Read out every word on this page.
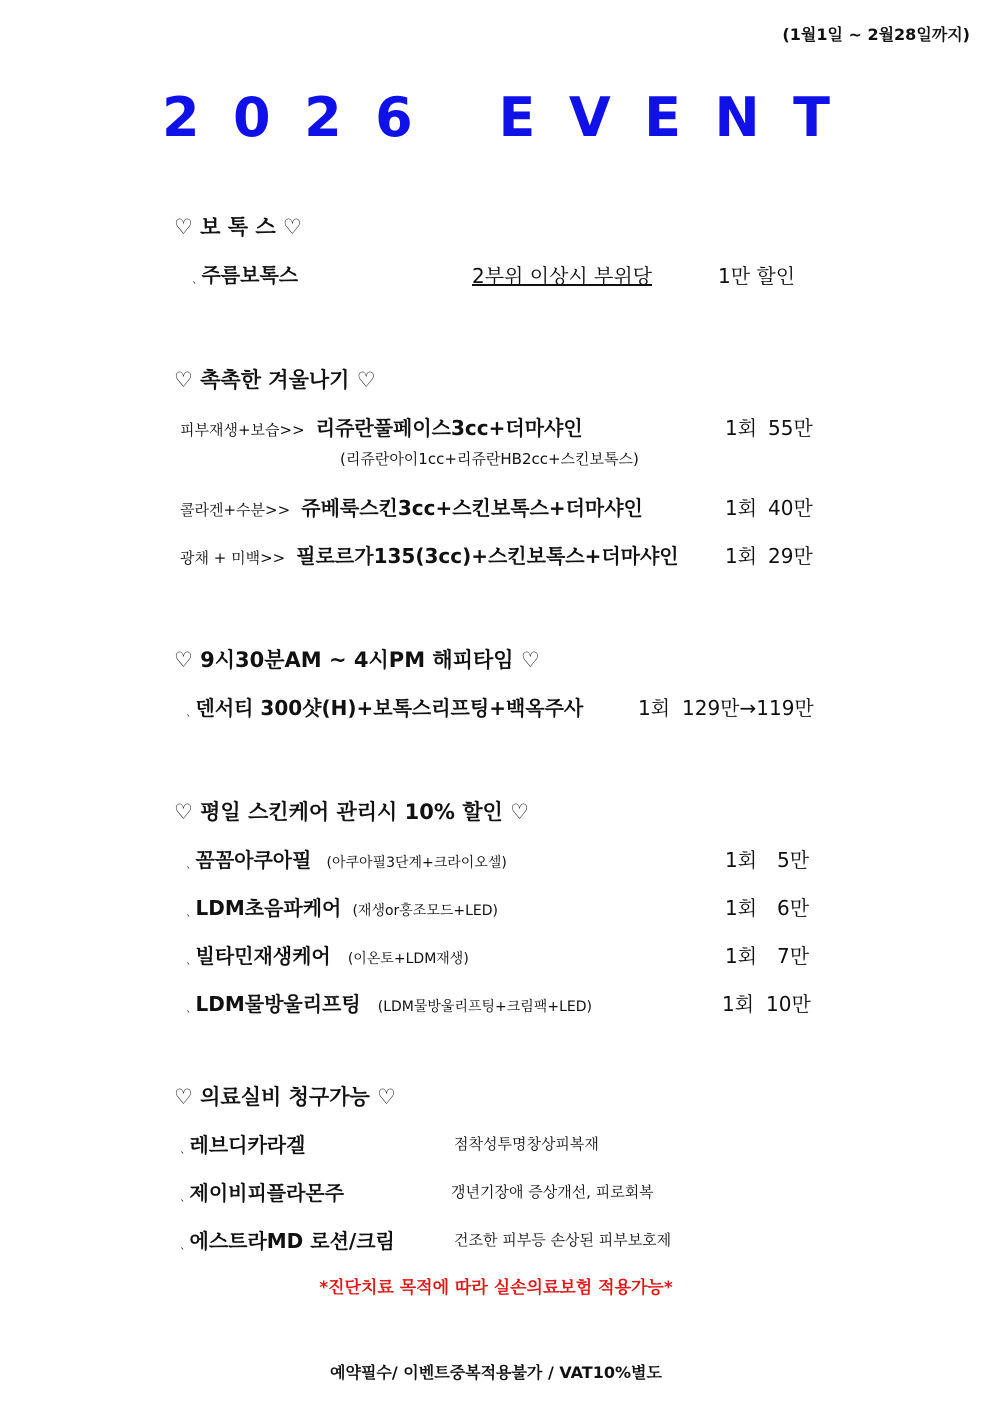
(1월1일 ~ 2월28일까지)
2026 EVENT
♡ 보 톡 스 ♡
ˎ 주름보톡스	2부위 이상시 부위당	1만 할인
♡ 촉촉한 겨울나기 ♡
피부재생+보습>> 리쥬란풀페이스3cc+더마샤인	1회 55만
(리쥬란아이1cc+리쥬란HB2cc+스킨보톡스)
콜라겐+수분>> 쥬베룩스킨3cc+스킨보톡스+더마샤인	1회 40만
광채 + 미백>> 필로르가135(3cc)+스킨보톡스+더마샤인 1회 29만
♡ 9시30분AM ~ 4시PM 해피타임 ♡
ˎ 덴서티 300샷(H)+보톡스리프팅+백옥주사	1회 129만→119만
♡ 평일 스킨케어 관리시 10% 할인 ♡
ˎ 꼼꼼아쿠아필 (아쿠아필3단계+크라이오셀)	1회 5만
ˎ LDM초음파케어 (재생or홍조모드+LED)	1회 6만
ˎ 빌타민재생케어 (이온토+LDM재생)	1회 7만
ˎ LDM물방울리프팅 (LDM물방울리프팅+크림팩+LED)	1회 10만
♡ 의료실비 청구가능 ♡
ˎ 레브디카라겔	점착성투명창상피복재
ˎ 제이비피플라몬주	갱년기장애 증상개선, 피로회복
ˎ 에스트라MD 로션/크림	건조한 피부등 손상된 피부보호제
*진단치료 목적에 따라 실손의료보험 적용가능*
예약필수/ 이벤트중복적용불가 / VAT10%별도
